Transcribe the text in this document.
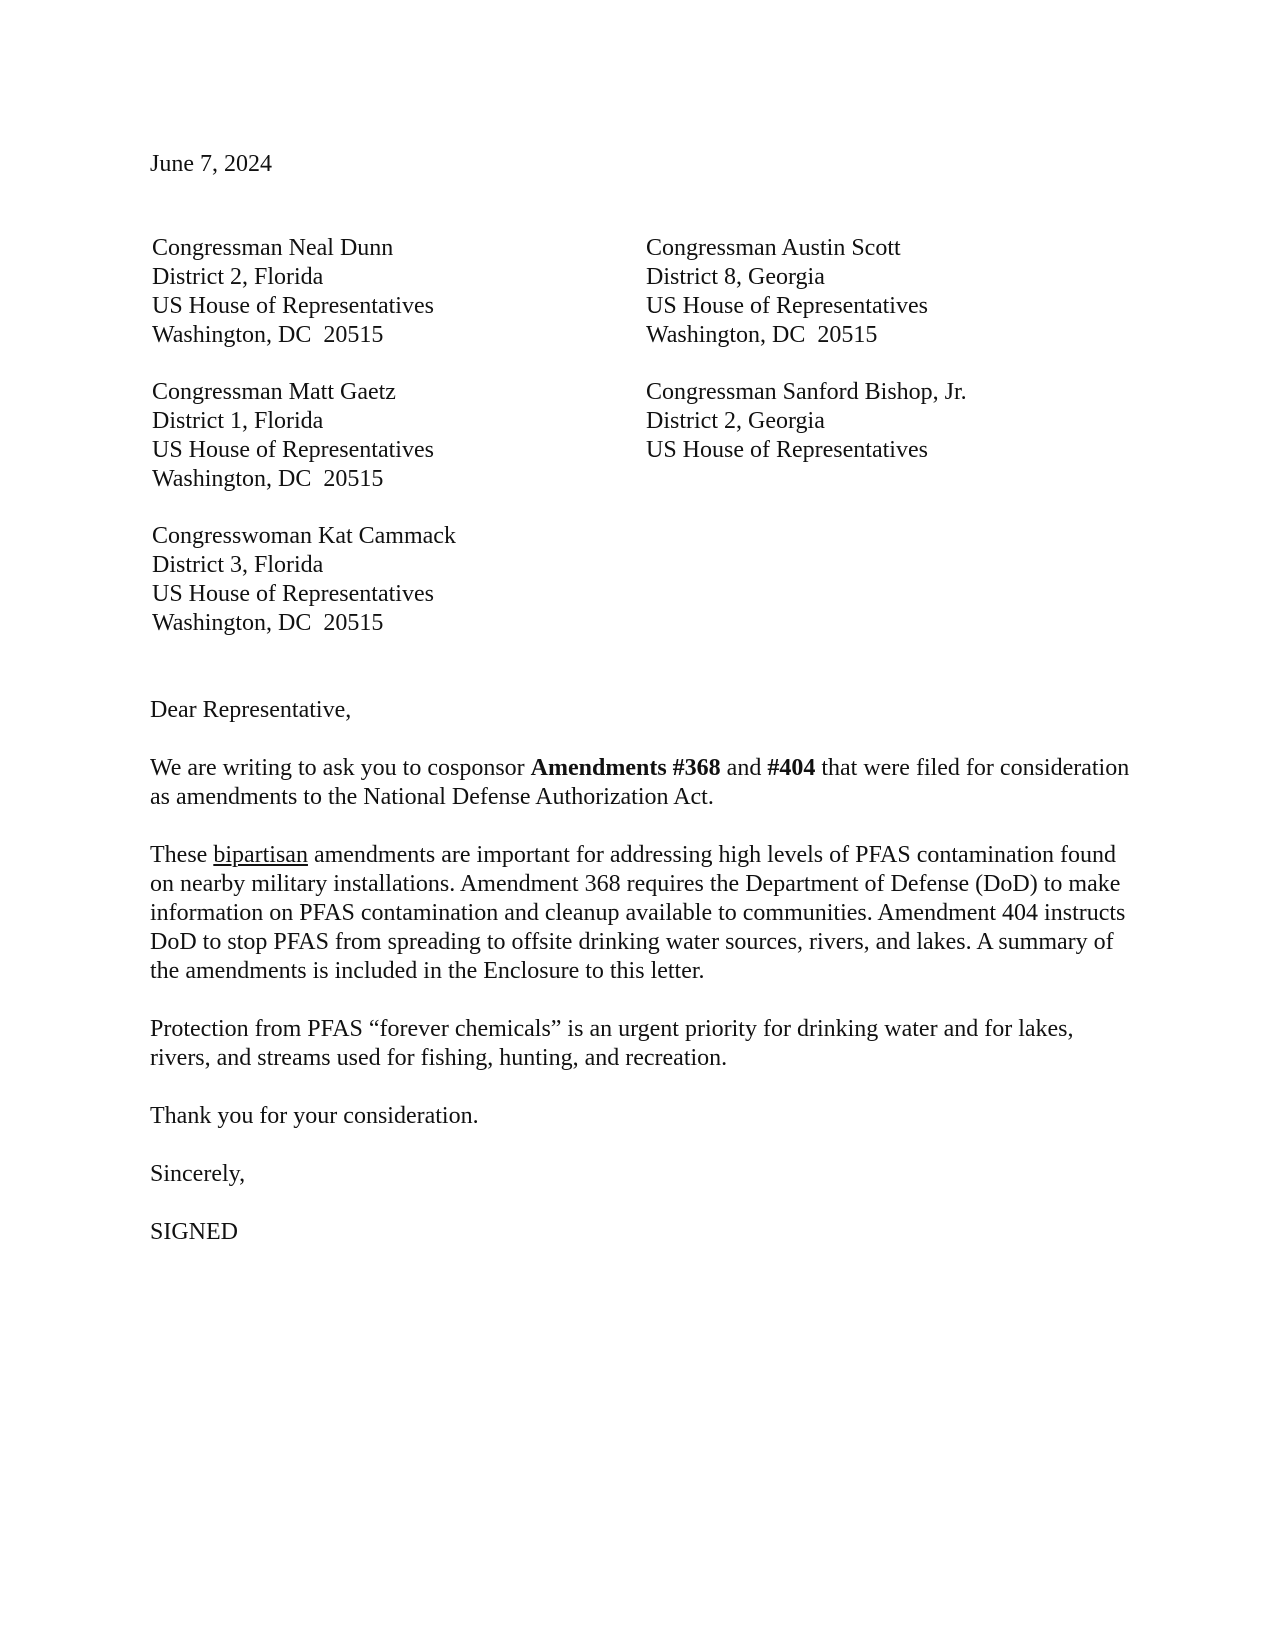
June 7, 2024
Congressman Neal Dunn
District 2, Florida
US House of Representatives
Washington, DC  20515
Congressman Matt Gaetz
District 1, Florida
US House of Representatives
Washington, DC  20515
Congresswoman Kat Cammack
District 3, Florida
US House of Representatives
Washington, DC  20515
Congressman Austin Scott
District 8, Georgia
US House of Representatives
Washington, DC  20515
Congressman Sanford Bishop, Jr.
District 2, Georgia
US House of Representatives

Dear Representative,

We are writing to ask you to cosponsor Amendments #368 and #404 that were filed for consideration as amendments to the National Defense Authorization Act.

These bipartisan amendments are important for addressing high levels of PFAS contamination found on nearby military installations. Amendment 368 requires the Department of Defense (DoD) to make information on PFAS contamination and cleanup available to communities. Amendment 404 instructs DoD to stop PFAS from spreading to offsite drinking water sources, rivers, and lakes. A summary of the amendments is included in the Enclosure to this letter.

Protection from PFAS “forever chemicals” is an urgent priority for drinking water and for lakes, rivers, and streams used for fishing, hunting, and recreation.

Thank you for your consideration.

Sincerely,

SIGNED
